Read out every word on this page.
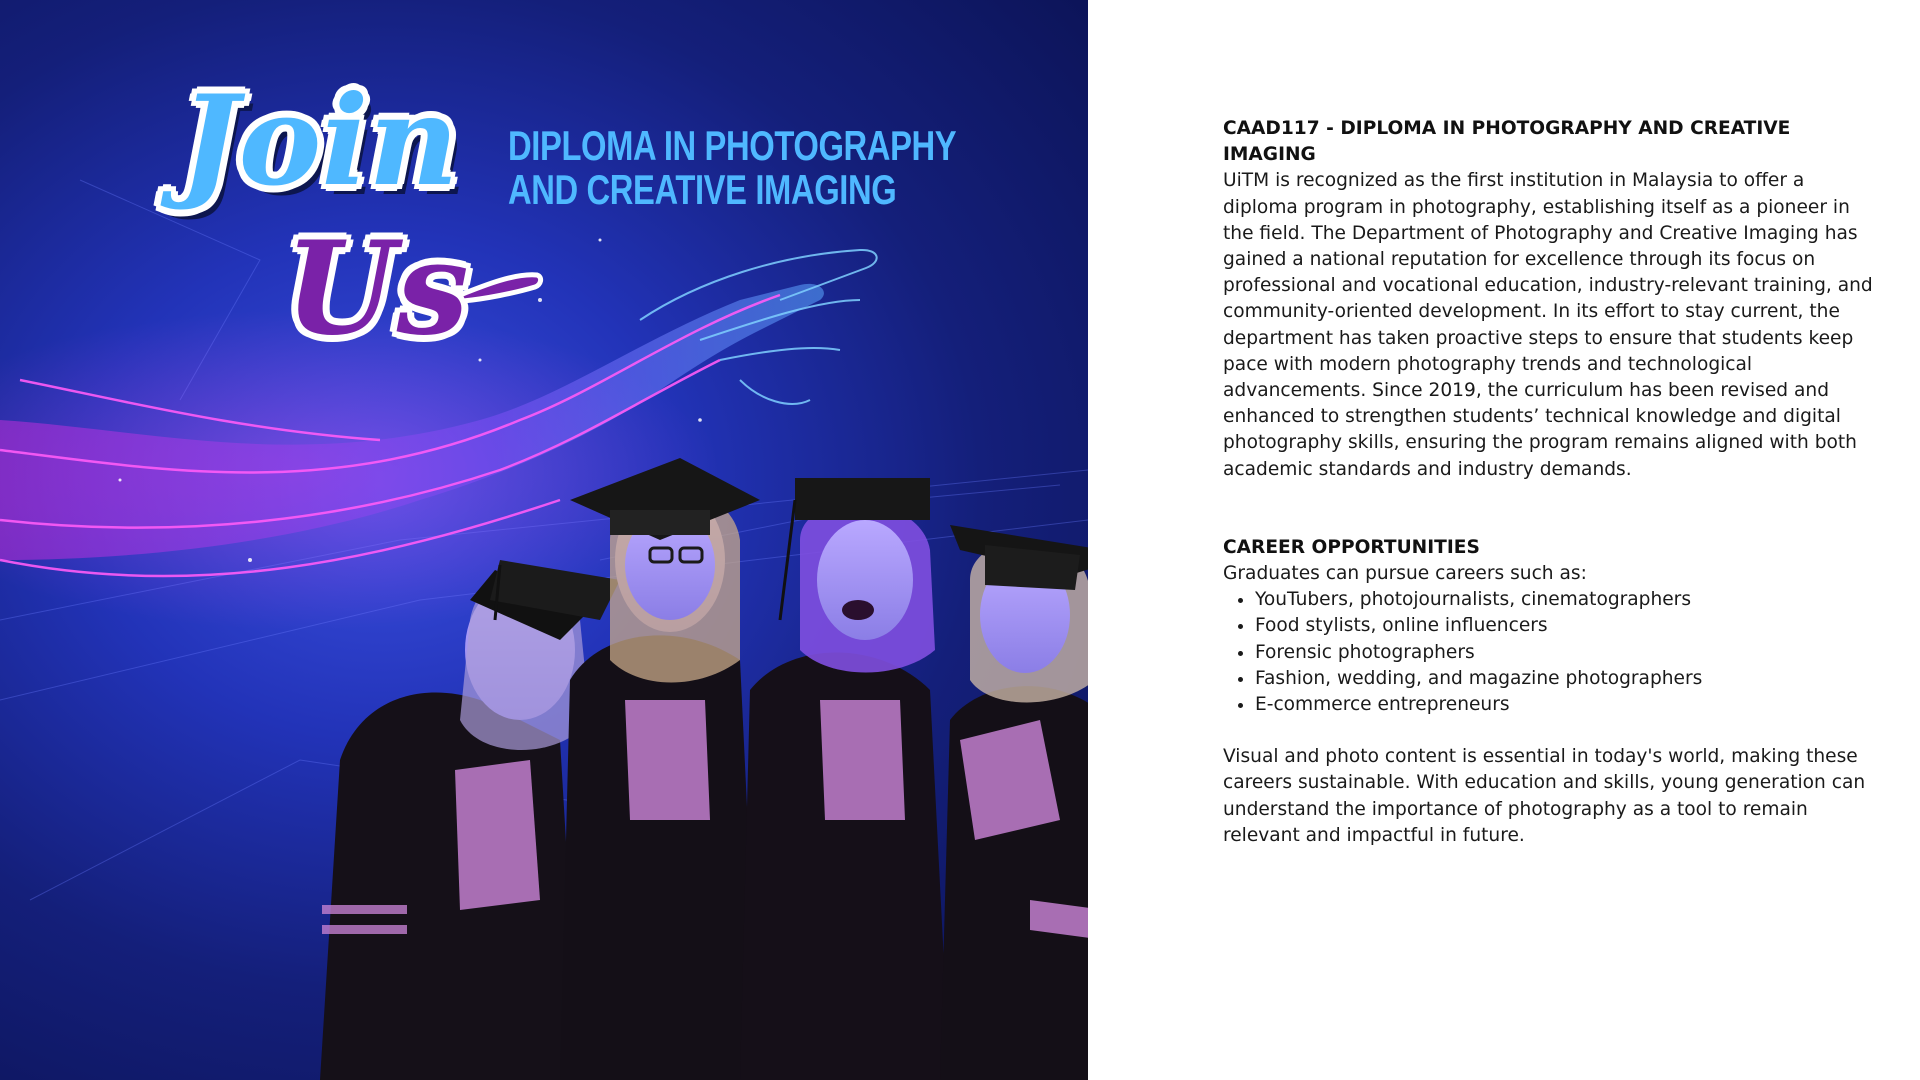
Join
Us
DIPLOMA IN PHOTOGRAPHY
AND CREATIVE IMAGING
CAAD117 - DIPLOMA IN PHOTOGRAPHY AND CREATIVE IMAGING

UiTM is recognized as the first institution in Malaysia to offer a diploma program in photography, establishing itself as a pioneer in the field. The Department of Photography and Creative Imaging has gained a national reputation for excellence through its focus on professional and vocational education, industry-relevant training, and community-oriented development. In its effort to stay current, the department has taken proactive steps to ensure that students keep pace with modern photography trends and technological advancements. Since 2019, the curriculum has been revised and enhanced to strengthen students’ technical knowledge and digital photography skills, ensuring the program remains aligned with both academic standards and industry demands.

CAREER OPPORTUNITIES

Graduates can pursue careers such as:

• YouTubers, photojournalists, cinematographers
• Food stylists, online influencers
• Forensic photographers
• Fashion, wedding, and magazine photographers
• E-commerce entrepreneurs

Visual and photo content is essential in today's world, making these careers sustainable. With education and skills, young generation can understand the importance of photography as a tool to remain relevant and impactful in future.
